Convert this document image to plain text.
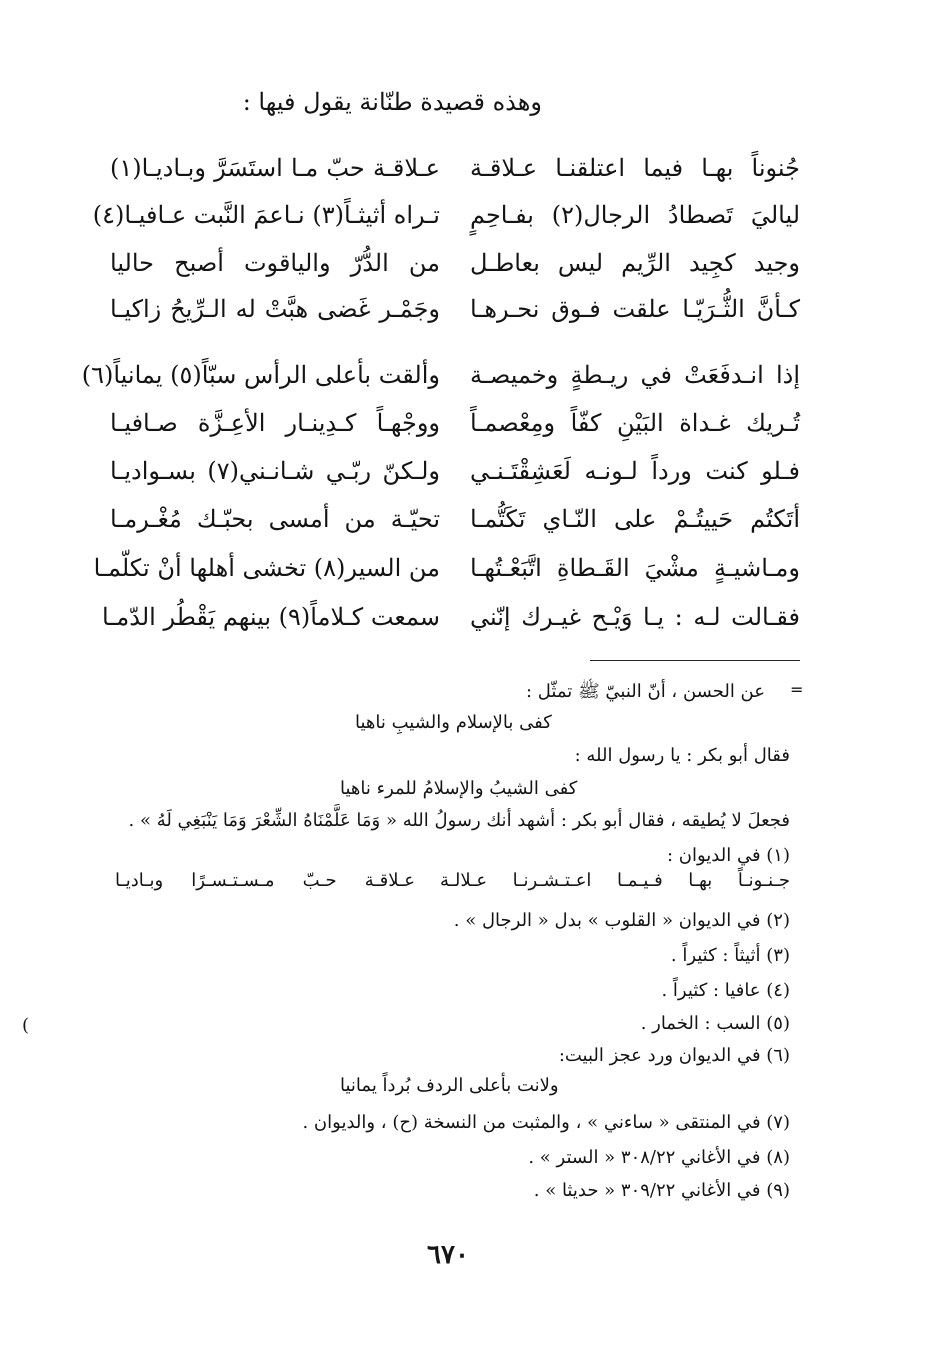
وهذه قصيدة طنّانة يقول فيها :
جُنوناً بهـا فيما اعتلقنـا عـلاقـة
عـلاقـة حبّ مـا استَسَرَّ وبـاديـا(١)
لياليَ تَصطادُ الرجال(٢) بفـاحِمٍ
تـراه أثيثـاً(٣) نـاعمَ النَّبت عـافيـا(٤)
وجيد كجِيد الرِّيم ليس بعاطـل
من الدُّرّ والياقوت أصبح حاليا
كـأنَّ الثُّـرَيّـا علقت فـوق نحـرهـا
وجَمْـر غَضى هبَّتْ له الـرِّيحُ زاكيـا
إذا انـدفَعَتْ في ريـطةٍ وخميصـة
وألقت بأعلى الرأس سبّاً(٥) يمانياً(٦)
تُـريك غـداة البَيْنِ كفّاً ومِعْصمـاً
ووجْهـاً كـدِينـار الأعِـزَّة صـافيـا
فـلو كنت ورداً لـونـه لَعَشِقْتَـنـي
ولـكنّ ربّـي شـانـني(٧) بسـواديـا
أتَكتُم حَييتُـمْ على النّـاي تَكَتُّمـا
تحيّـة من أمسى بحبّـك مُغْـرمـا
ومـاشيـةٍ مشْيَ القَـطاةِ اتَّبَعْـتُهـا
من السير(٨) تخشى أهلها أنْ تكلّمـا
فقـالت لـه : يـا وَيْـح غيـرك إنّني
سمعت كـلاماً(٩) بينهم يَقْطُر الدّمـا
=
عن الحسن ، أنّ النبيّ ﷺ تمثّل :
كفى بالإسلام والشيبِ ناهيا
فقال أبو بكر : يا رسول الله :
كفى الشيبُ والإسلامُ للمرء ناهيا
فجعلَ لا يُطيقه ، فقال أبو بكر : أشهد أنك رسولُ الله « وَمَا عَلَّمْنَاهُ الشِّعْرَ وَمَا يَنْبَغِي لَهُ » .
(١) في الديوان :
جـنـونـاً بهـا فـيـمـا اعـتـشـرنـا عـلالـة
عـلاقـة حـبّ مـسـتـسـرًا وبـاديـا
(٢) في الديوان « القلوب » بدل « الرجال » .
(٣) أثيثاً : كثيراً .
(٤) عافيا : كثيراً .
(٥) السب : الخمار .
(٦) في الديوان ورد عجز البيت:
ولانت بأعلى الردف بُرداً يمانيا
(٧) في المنتقى « ساءني » ، والمثبت من النسخة (ح) ، والديوان .
(٨) في الأغاني ٣٠٨/٢٢ « الستر » .
(٩) في الأغاني ٣٠٩/٢٢ « حديثا » .
(
٦٧٠
